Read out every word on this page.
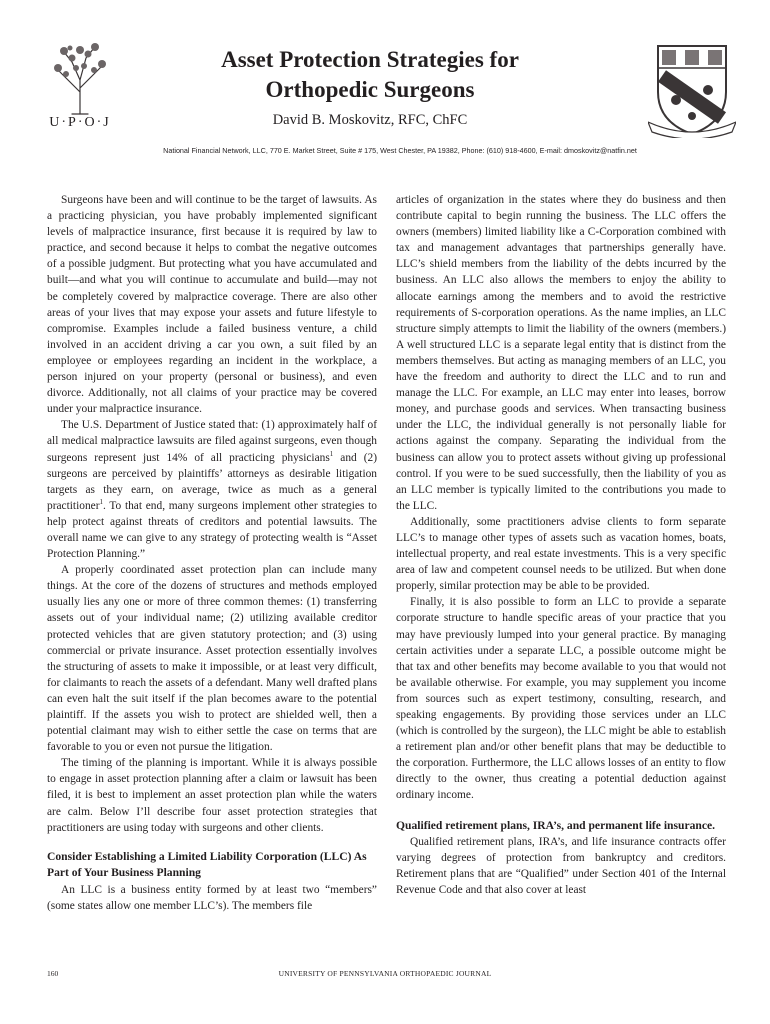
U·P·O·J
Asset Protection Strategies for
Orthopedic Surgeons
David B. Moskovitz, RFC, ChFC
National Financial Network, LLC, 770 E. Market Street, Suite # 175, West Chester, PA 19382, Phone: (610) 918-4600, E-mail: dmoskovitz@natfin.net

Surgeons have been and will continue to be the target of lawsuits. As a practicing physician, you have probably implemented significant levels of malpractice insurance, first because it is required by law to practice, and second because it helps to combat the negative outcomes of a possible judgment. But protecting what you have accumulated and built—and what you will continue to accumulate and build—may not be completely covered by malpractice coverage. There are also other areas of your lives that may expose your assets and future lifestyle to compromise. Examples include a failed business venture, a child involved in an accident driving a car you own, a suit filed by an employee or employees regarding an incident in the workplace, a person injured on your property (personal or business), and even divorce. Additionally, not all claims of your practice may be covered under your malpractice insurance.

The U.S. Department of Justice stated that: (1) approximately half of all medical malpractice lawsuits are filed against surgeons, even though surgeons represent just 14% of all practicing physicians$^1$ and (2) surgeons are perceived by plaintiffs’ attorneys as desirable litigation targets as they earn, on average, twice as much as a general practitioner$^1$. To that end, many surgeons implement other strategies to help protect against threats of creditors and potential lawsuits. The overall name we can give to any strategy of protecting wealth is “Asset Protection Planning.”

A properly coordinated asset protection plan can include many things. At the core of the dozens of structures and methods employed usually lies any one or more of three common themes: (1) transferring assets out of your individual name; (2) utilizing available creditor protected vehicles that are given statutory protection; and (3) using commercial or private insurance. Asset protection essentially involves the structuring of assets to make it impossible, or at least very difficult, for claimants to reach the assets of a defendant. Many well drafted plans can even halt the suit itself if the plan becomes aware to the potential plaintiff. If the assets you wish to protect are shielded well, then a potential claimant may wish to either settle the case on terms that are favorable to you or even not pursue the litigation.

The timing of the planning is important. While it is always possible to engage in asset protection planning after a claim or lawsuit has been filed, it is best to implement an asset protection plan while the waters are calm. Below I’ll describe four asset protection strategies that practitioners are using today with surgeons and other clients.

Consider Establishing a Limited Liability Corporation (LLC) As Part of Your Business Planning

An LLC is a business entity formed by at least two “members” (some states allow one member LLC’s). The members file

articles of organization in the states where they do business and then contribute capital to begin running the business. The LLC offers the owners (members) limited liability like a C-Corporation combined with tax and management advantages that partnerships generally have. LLC’s shield members from the liability of the debts incurred by the business. An LLC also allows the members to enjoy the ability to allocate earnings among the members and to avoid the restrictive requirements of S-corporation operations. As the name implies, an LLC structure simply attempts to limit the liability of the owners (members.) A well structured LLC is a separate legal entity that is distinct from the members themselves. But acting as managing members of an LLC, you have the freedom and authority to direct the LLC and to run and manage the LLC. For example, an LLC may enter into leases, borrow money, and purchase goods and services. When transacting business under the LLC, the individual generally is not personally liable for actions against the company. Separating the individual from the business can allow you to protect assets without giving up professional control. If you were to be sued successfully, then the liability of you as an LLC member is typically limited to the contributions you made to the LLC.

Additionally, some practitioners advise clients to form separate LLC’s to manage other types of assets such as vacation homes, boats, intellectual property, and real estate investments. This is a very specific area of law and competent counsel needs to be utilized. But when done properly, similar protection may be able to be provided.

Finally, it is also possible to form an LLC to provide a separate corporate structure to handle specific areas of your practice that you may have previously lumped into your general practice. By managing certain activities under a separate LLC, a possible outcome might be that tax and other benefits may become available to you that would not be available otherwise. For example, you may supplement you income from sources such as expert testimony, consulting, research, and speaking engagements. By providing those services under an LLC (which is controlled by the surgeon), the LLC might be able to establish a retirement plan and/or other benefit plans that may be deductible to the corporation. Furthermore, the LLC allows losses of an entity to flow directly to the owner, thus creating a potential deduction against ordinary income.

Qualified retirement plans, IRA’s, and permanent life insurance.

Qualified retirement plans, IRA’s, and life insurance contracts offer varying degrees of protection from bankruptcy and creditors. Retirement plans that are “Qualified” under Section 401 of the Internal Revenue Code and that also cover at least

160	UNIVERSITY OF PENNSYLVANIA ORTHOPAEDIC JOURNAL
